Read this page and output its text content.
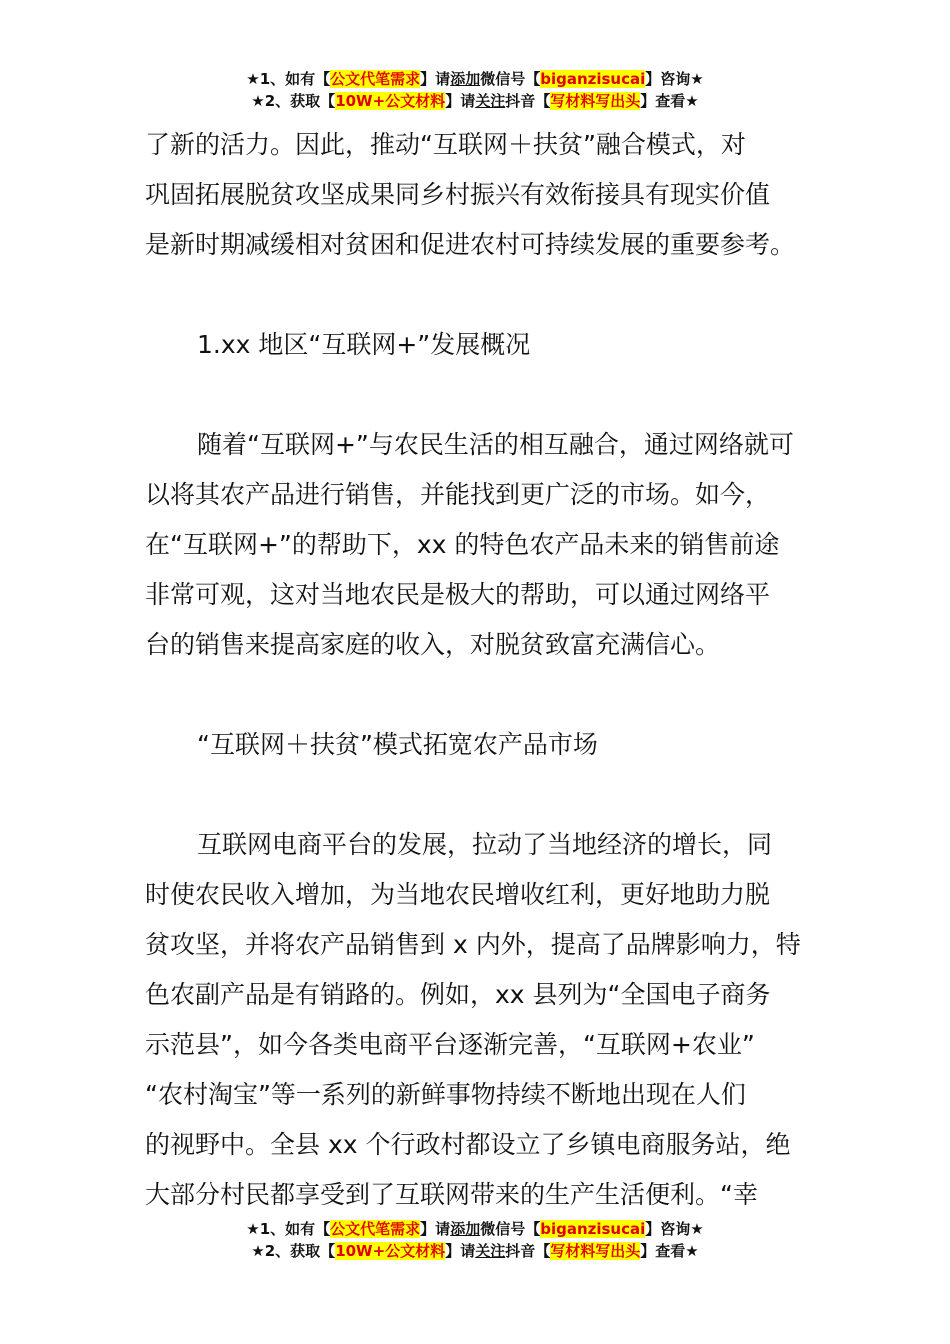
★1、如有【公文代笔需求】请添加微信号【biganzisucai】咨询★
★2、获取【10W+公文材料】请关注抖音【写材料写出头】查看★

了新的活力。因此，推动“互联网＋扶贫”融合模式，对

巩固拓展脱贫攻坚成果同乡村振兴有效衔接具有现实价值

是新时期减缓相对贫困和促进农村可持续发展的重要参考。

1.xx 地区“互联网+”发展概况

随着“互联网+”与农民生活的相互融合，通过网络就可

以将其农产品进行销售，并能找到更广泛的市场。如今，

在“互联网+”的帮助下，xx 的特色农产品未来的销售前途

非常可观，这对当地农民是极大的帮助，可以通过网络平

台的销售来提高家庭的收入，对脱贫致富充满信心。

“互联网＋扶贫”模式拓宽农产品市场

互联网电商平台的发展，拉动了当地经济的增长，同

时使农民收入增加，为当地农民增收红利，更好地助力脱

贫攻坚，并将农产品销售到 x 内外，提高了品牌影响力，特

色农副产品是有销路的。例如，xx 县列为“全国电子商务

示范县”，如今各类电商平台逐渐完善，“互联网+农业”

“农村淘宝”等一系列的新鲜事物持续不断地出现在人们

的视野中。全县 xx 个行政村都设立了乡镇电商服务站，绝

大部分村民都享受到了互联网带来的生产生活便利。“幸

★1、如有【公文代笔需求】请添加微信号【biganzisucai】咨询★
★2、获取【10W+公文材料】请关注抖音【写材料写出头】查看★
